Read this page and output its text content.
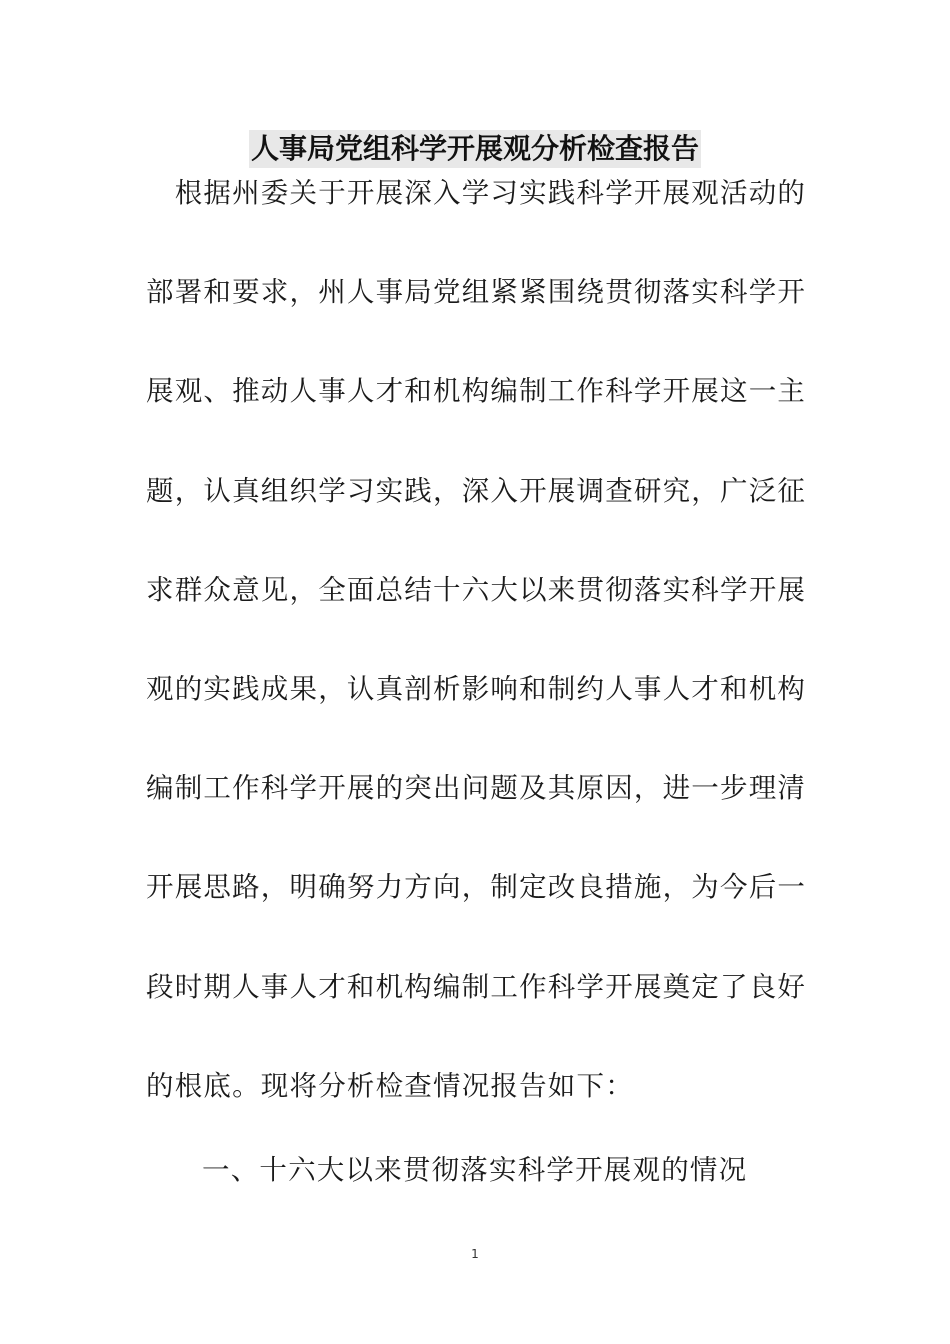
人事局党组科学开展观分析检查报告
　根据州委关于开展深入学习实践科学开展观活动的
部署和要求，州人事局党组紧紧围绕贯彻落实科学开
展观、推动人事人才和机构编制工作科学开展这一主
题，认真组织学习实践，深入开展调查研究，广泛征
求群众意见，全面总结十六大以来贯彻落实科学开展
观的实践成果，认真剖析影响和制约人事人才和机构
编制工作科学开展的突出问题及其原因，进一步理清
开展思路，明确努力方向，制定改良措施，为今后一
段时期人事人才和机构编制工作科学开展奠定了良好
的根底。现将分析检查情况报告如下：
一、十六大以来贯彻落实科学开展观的情况
1
